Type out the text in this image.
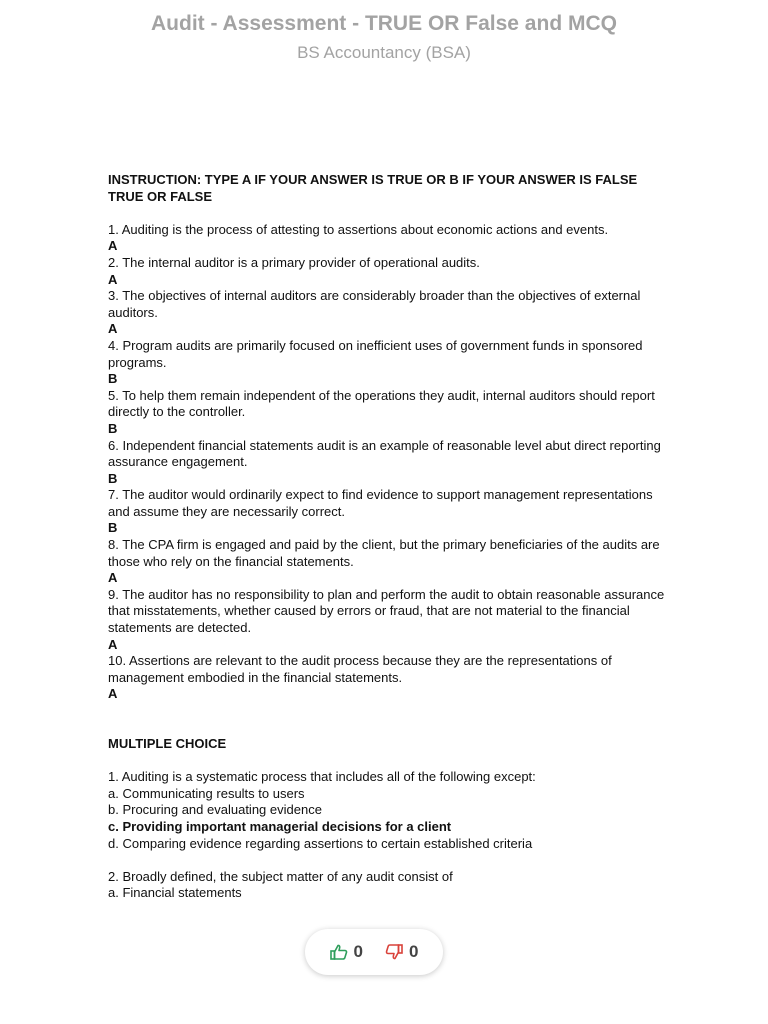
Audit - Assessment - TRUE OR False and MCQ
BS Accountancy (BSA)
INSTRUCTION: TYPE A IF YOUR ANSWER IS TRUE OR B IF YOUR ANSWER IS FALSE TRUE OR FALSE
1. Auditing is the process of attesting to assertions about economic actions and events.
A
2. The internal auditor is a primary provider of operational audits.
A
3. The objectives of internal auditors are considerably broader than the objectives of external auditors.
A
4. Program audits are primarily focused on inefficient uses of government funds in sponsored programs.
B
5. To help them remain independent of the operations they audit, internal auditors should report directly to the controller.
B
6. Independent financial statements audit is an example of reasonable level abut direct reporting assurance engagement.
B
7. The auditor would ordinarily expect to find evidence to support management representations and assume they are necessarily correct.
B
8. The CPA firm is engaged and paid by the client, but the primary beneficiaries of the audits are those who rely on the financial statements.
A
9. The auditor has no responsibility to plan and perform the audit to obtain reasonable assurance that misstatements, whether caused by errors or fraud, that are not material to the financial statements are detected.
A
10. Assertions are relevant to the audit process because they are the representations of management embodied in the financial statements.
A
MULTIPLE CHOICE
1. Auditing is a systematic process that includes all of the following except:
a. Communicating results to users
b. Procuring and evaluating evidence
c. Providing important managerial decisions for a client
d. Comparing evidence regarding assertions to certain established criteria
2. Broadly defined, the subject matter of any audit consist of
a. Financial statements
0	0
